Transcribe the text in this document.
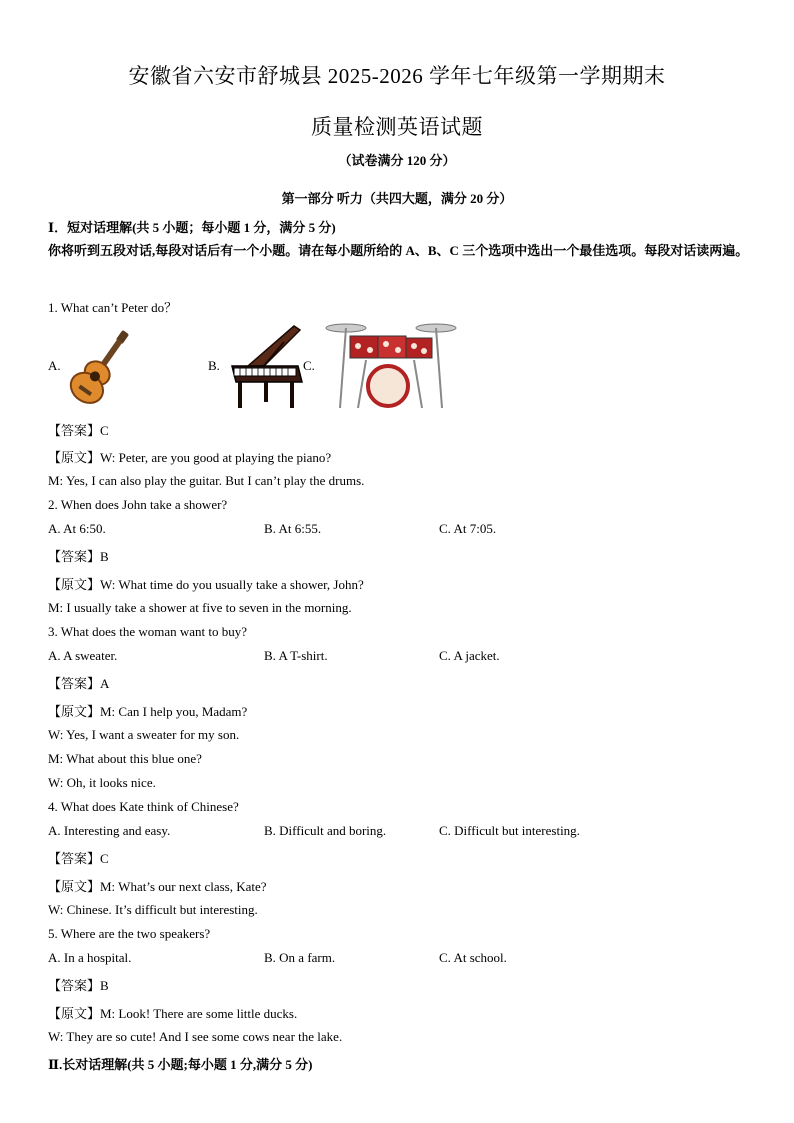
安徽省六安市舒城县 2025-2026 学年七年级第一学期期末
质量检测英语试题
（试卷满分 120 分）
第一部分 听力（共四大题，满分 20 分）
Ⅰ．短对话理解(共 5 小题；每小题 1 分，满分 5 分)
你将听到五段对话,每段对话后有一个小题。请在每小题所给的 A、B、C 三个选项中选出一个最佳选项。每段对话读两遍。
1. What can’t Peter do？
A.	B.	C.
【答案】C
【原文】W: Peter, are you good at playing the piano?
M: Yes, I can also play the guitar. But I can’t play the drums.
2. When does John take a shower?
A. At 6:50.	B. At 6:55.	C. At 7:05.
【答案】B
【原文】W: What time do you usually take a shower, John?
M: I usually take a shower at five to seven in the morning.
3. What does the woman want to buy?
A. A sweater.	B. A T-shirt.	C. A jacket.
【答案】A
【原文】M: Can I help you, Madam?
W: Yes, I want a sweater for my son.
M: What about this blue one?
W: Oh, it looks nice.
4. What does Kate think of Chinese?
A. Interesting and easy.	B. Difficult and boring.	C. Difficult but interesting.
【答案】C
【原文】M: What’s our next class, Kate?
W: Chinese. It’s difficult but interesting.
5. Where are the two speakers?
A. In a hospital.	B. On a farm.	C. At school.
【答案】B
【原文】M: Look! There are some little ducks.
W: They are so cute! And I see some cows near the lake.
Ⅱ.长对话理解(共 5 小题;每小题 1 分,满分 5 分)
